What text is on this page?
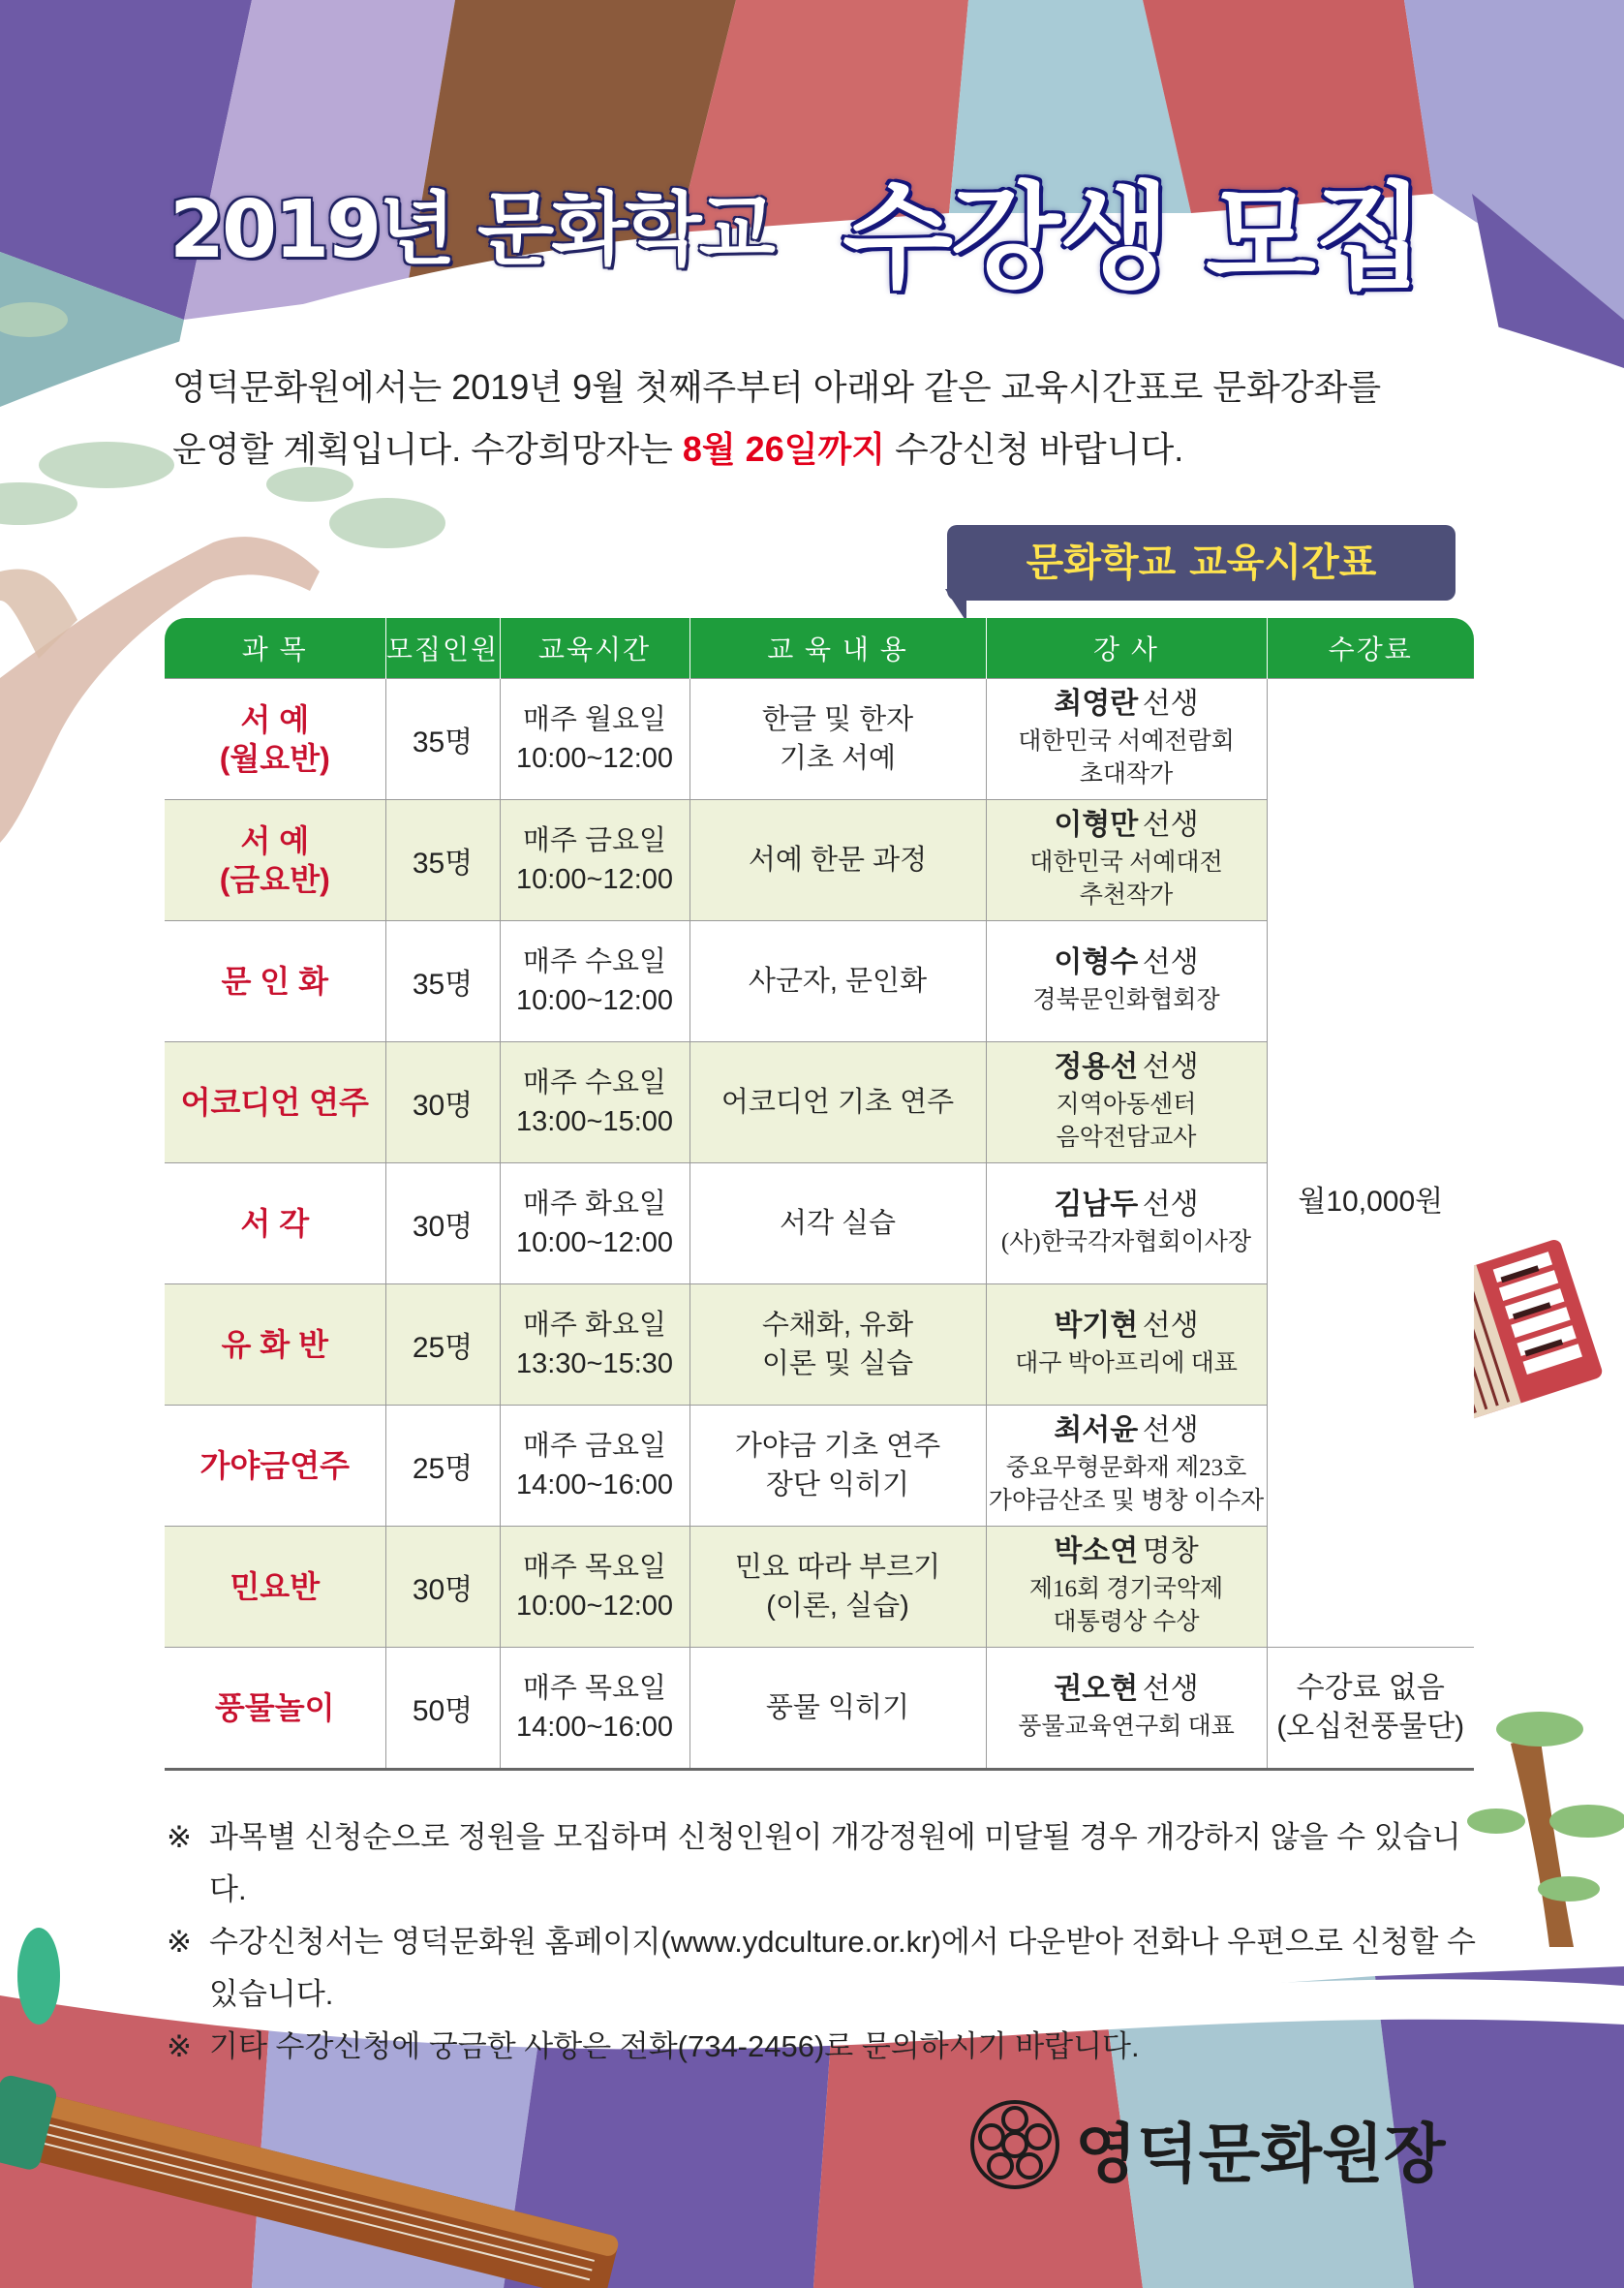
2019년 문화학교 수강생 모집
영덕문화원에서는 2019년 9월 첫째주부터 아래와 같은 교육시간표로 문화강좌를
운영할 계획입니다. 수강희망자는 8월 26일까지 수강신청 바랍니다.
문화학교 교육시간표
과 목	모집인원	교육시간	교 육 내 용	강 사	수강료
서 예
(월요반)	35명	매주 월요일
10:00~12:00	한글 및 한자
기초 서예	최영란 선생
대한민국 서예전람회
초대작가	월10,000원

서 예
(금요반)	35명	매주 금요일
10:00~12:00	서예 한문 과정	이형만 선생
대한민국 서예대전
추천작가	

문 인 화	35명	매주 수요일
10:00~12:00	사군자, 문인화	이형수 선생
경북문인화협회장	

어코디언 연주	30명	매주 수요일
13:00~15:00	어코디언 기초 연주	정용선 선생
지역아동센터
음악전담교사	

서 각	30명	매주 화요일
10:00~12:00	서각 실습	김남두 선생
(사)한국각자협회이사장	

유 화 반	25명	매주 화요일
13:30~15:30	수채화, 유화
이론 및 실습	박기현 선생
대구 박아프리에 대표	

가야금연주	25명	매주 금요일
14:00~16:00	가야금 기초 연주
장단 익히기	최서윤 선생
중요무형문화재 제23호
가야금산조 및 병창 이수자	

민요반	30명	매주 목요일
10:00~12:00	민요 따라 부르기
(이론, 실습)	박소연 명창
제16회 경기국악제
대통령상 수상	

풍물놀이	50명	매주 목요일
14:00~16:00	풍물 익히기	권오현 선생
풍물교육연구회 대표	수강료 없음
(오십천풍물단)
※ 과목별 신청순으로 정원을 모집하며 신청인원이 개강정원에 미달될 경우 개강하지 않을 수 있습니다.
※ 수강신청서는 영덕문화원 홈페이지(www.ydculture.or.kr)에서 다운받아 전화나 우편으로 신청할 수 있습니다.
※ 기타 수강신청에 궁금한 사항은 전화(734-2456)로 문의하시기 바랍니다.
영덕문화원장
